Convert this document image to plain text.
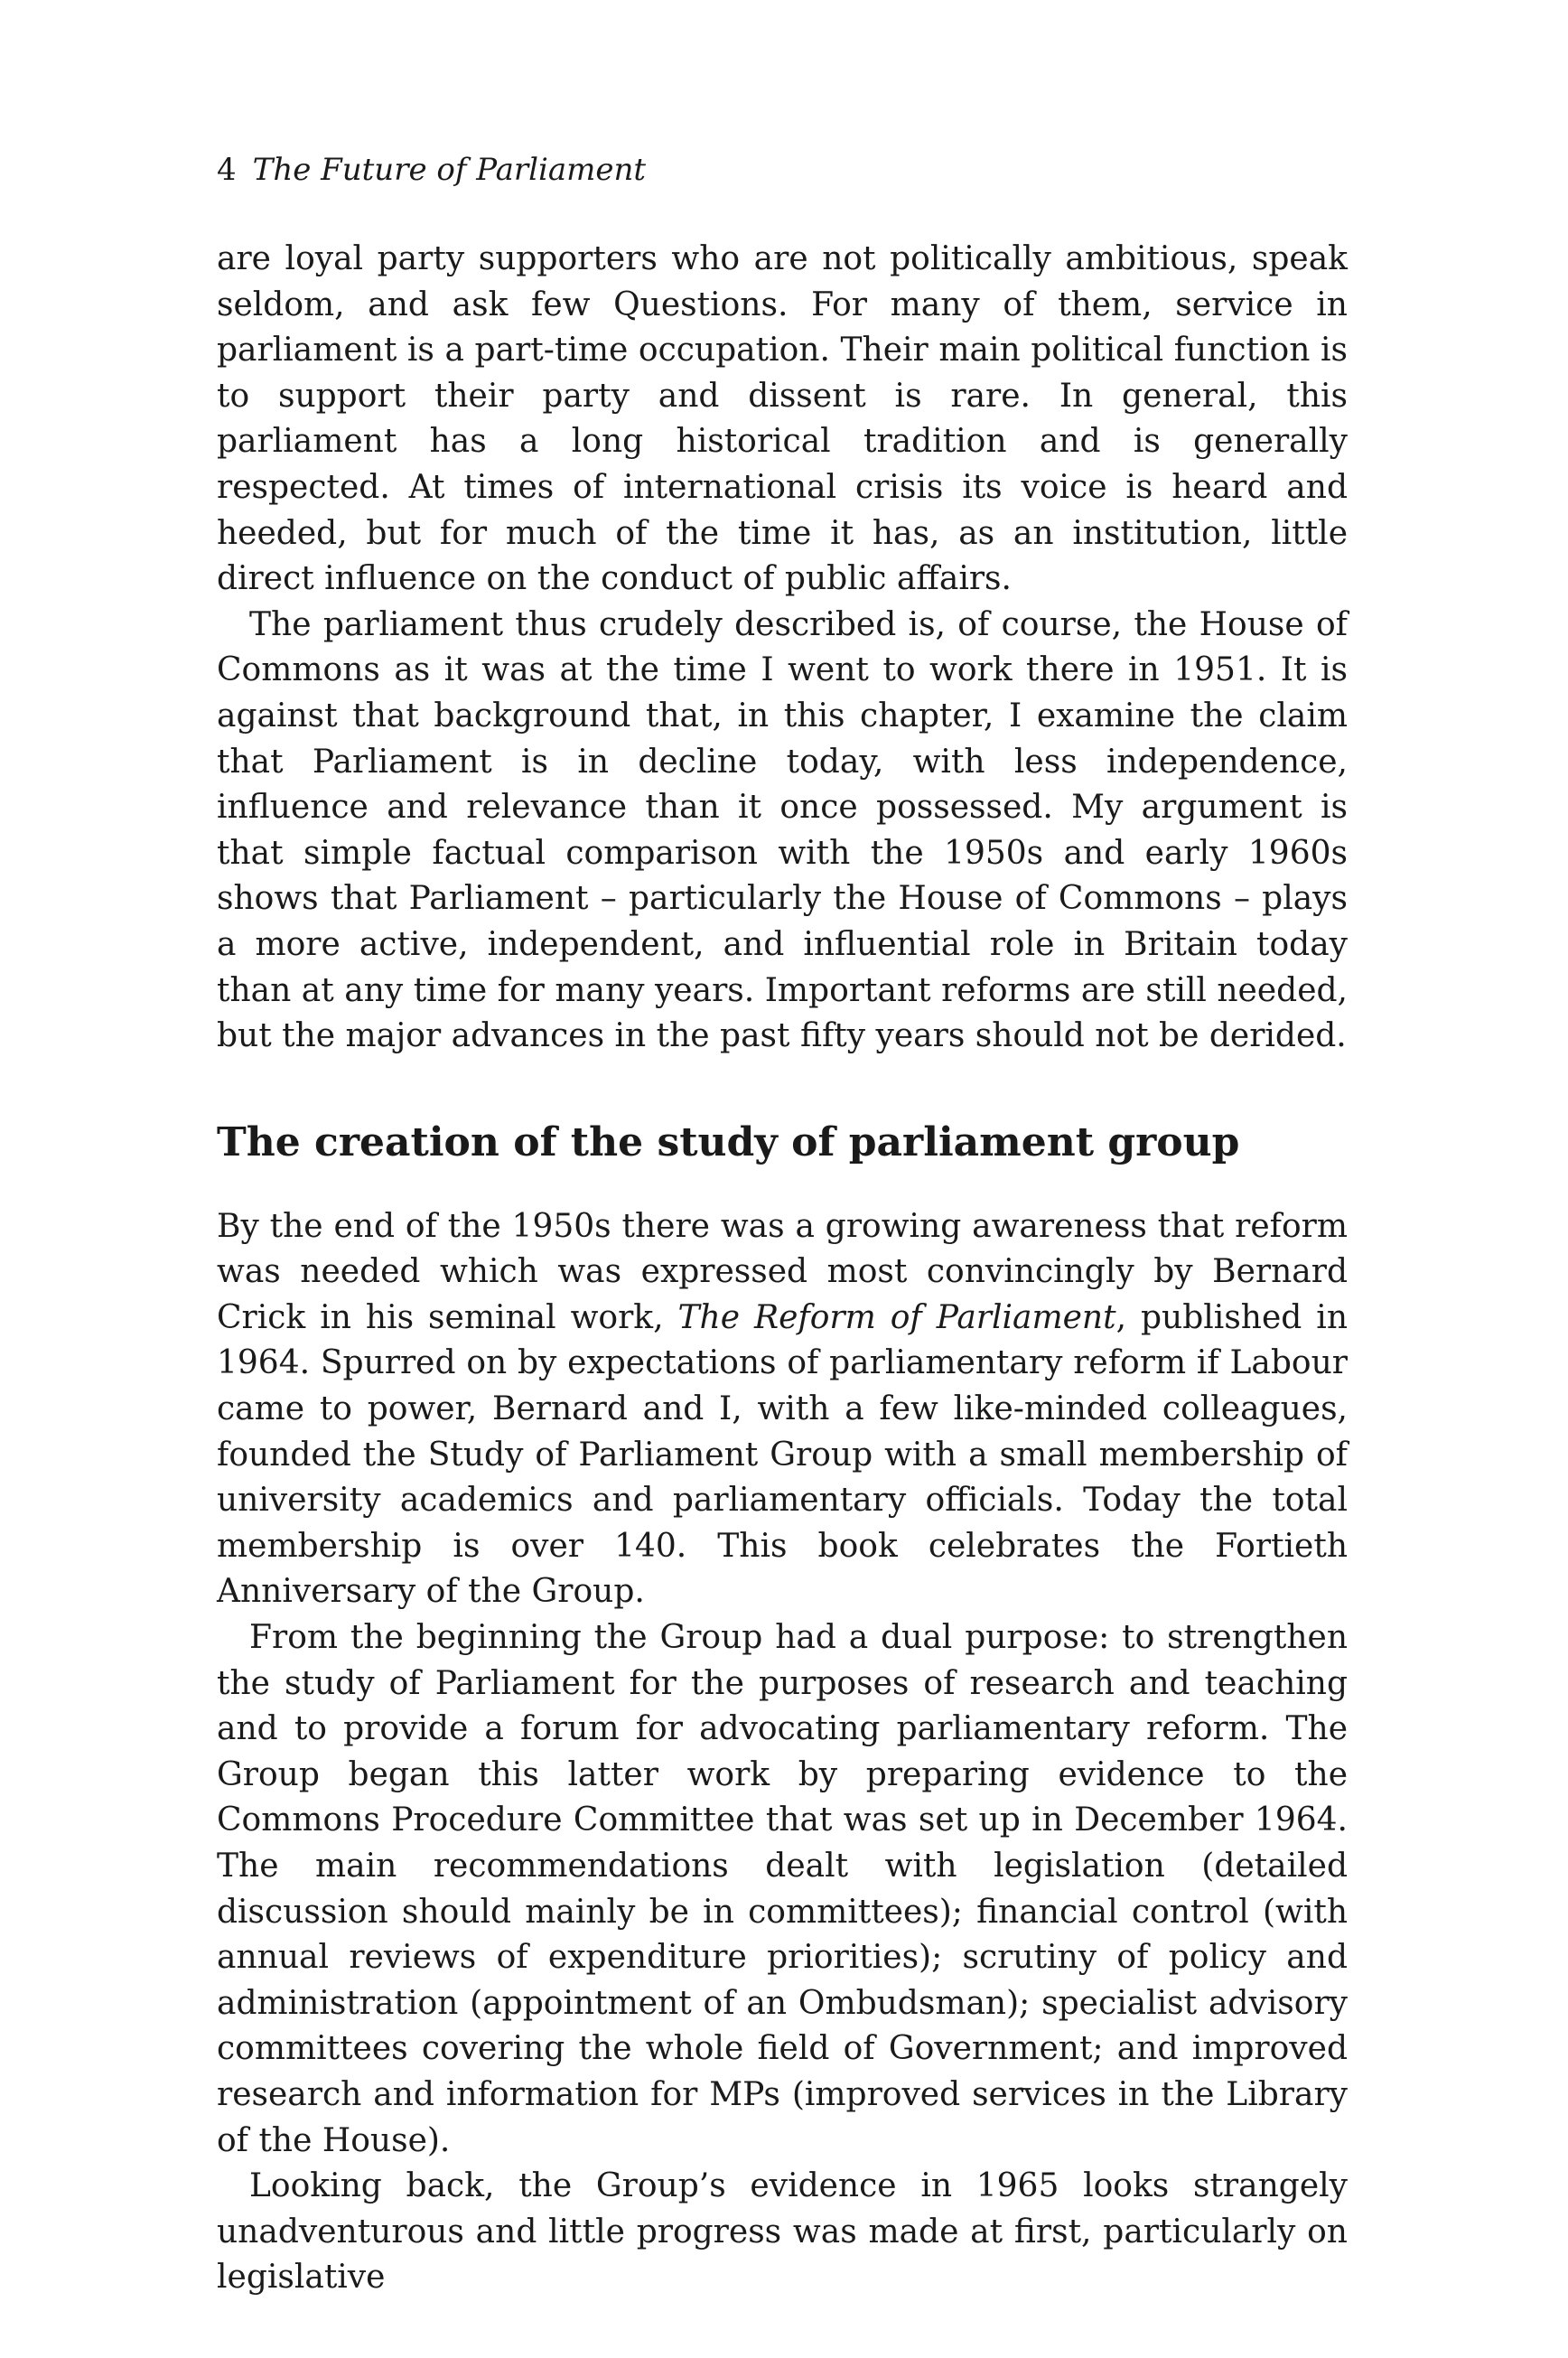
4 The Future of Parliament

are loyal party supporters who are not politically ambitious, speak seldom, and ask few Questions. For many of them, service in parliament is a part-time occupation. Their main political function is to support their party and dissent is rare. In general, this parliament has a long historical tradition and is generally respected. At times of international crisis its voice is heard and heeded, but for much of the time it has, as an institution, little direct influence on the conduct of public affairs.

The parliament thus crudely described is, of course, the House of Commons as it was at the time I went to work there in 1951. It is against that background that, in this chapter, I examine the claim that Parliament is in decline today, with less independence, influence and relevance than it once possessed. My argument is that simple factual comparison with the 1950s and early 1960s shows that Parliament – particularly the House of Commons – plays a more active, independent, and influential role in Britain today than at any time for many years. Important reforms are still needed, but the major advances in the past fifty years should not be derided.

The creation of the study of parliament group

By the end of the 1950s there was a growing awareness that reform was needed which was expressed most convincingly by Bernard Crick in his seminal work, The Reform of Parliament, published in 1964. Spurred on by expectations of parliamentary reform if Labour came to power, Bernard and I, with a few like-minded colleagues, founded the Study of Parliament Group with a small membership of university academics and parliamentary officials. Today the total membership is over 140. This book celebrates the Fortieth Anniversary of the Group.

From the beginning the Group had a dual purpose: to strengthen the study of Parliament for the purposes of research and teaching and to provide a forum for advocating parliamentary reform. The Group began this latter work by preparing evidence to the Commons Procedure Committee that was set up in December 1964. The main recommendations dealt with legislation (detailed discussion should mainly be in committees); financial control (with annual reviews of expenditure priorities); scrutiny of policy and administration (appointment of an Ombudsman); specialist advisory committees covering the whole field of Government; and improved research and information for MPs (improved services in the Library of the House).

Looking back, the Group’s evidence in 1965 looks strangely unadventurous and little progress was made at first, particularly on legislative
